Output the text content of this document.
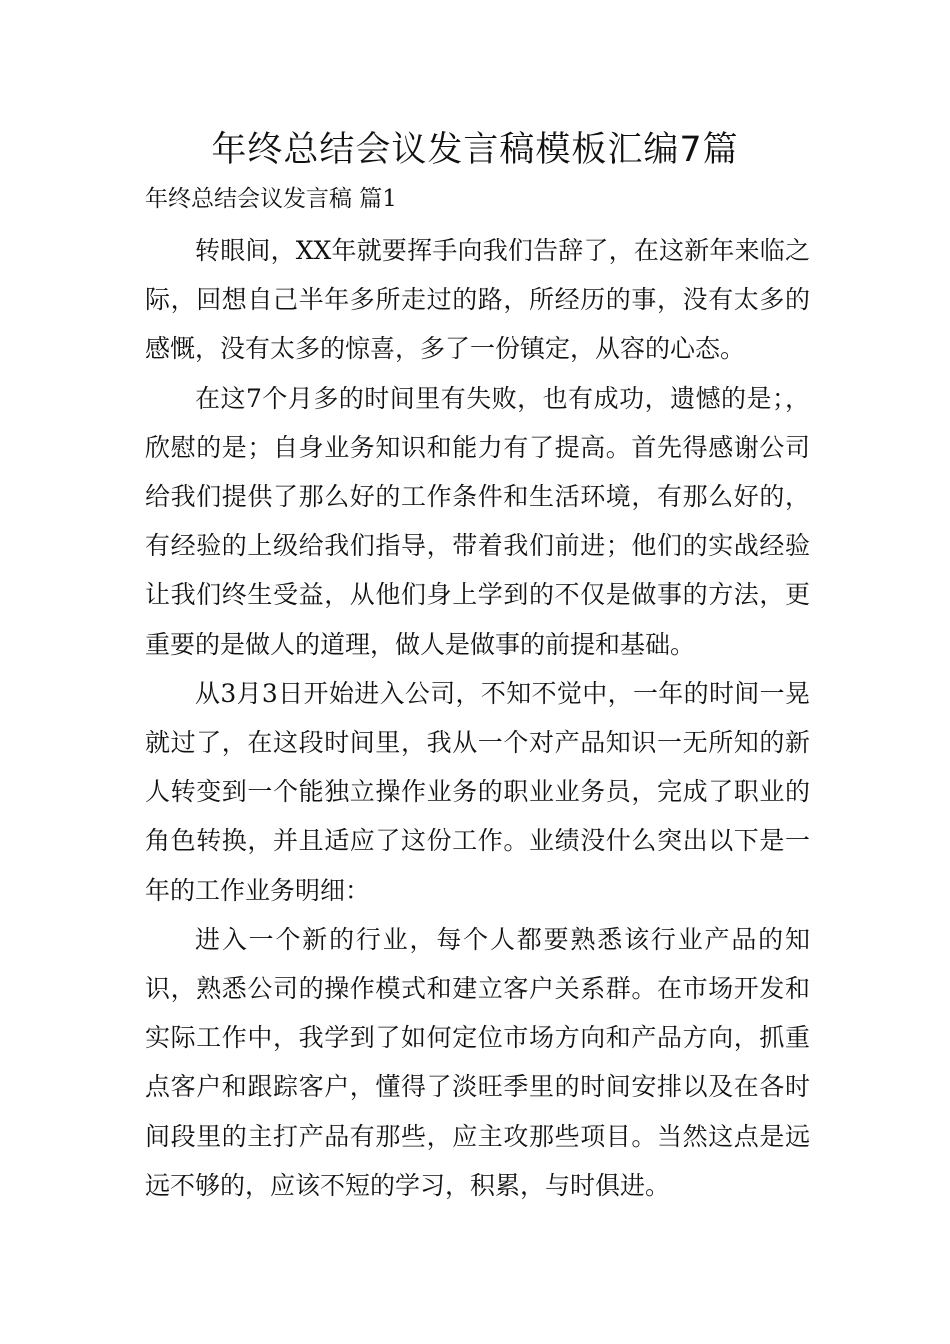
年终总结会议发言稿模板汇编7篇
年终总结会议发言稿 篇1

转眼间，XX年就要挥手向我们告辞了，在这新年来临之际，回想自己半年多所走过的路，所经历的事，没有太多的感慨，没有太多的惊喜，多了一份镇定，从容的心态。

在这7个月多的时间里有失败，也有成功，遗憾的是；，欣慰的是；自身业务知识和能力有了提高。首先得感谢公司给我们提供了那么好的工作条件和生活环境，有那么好的，有经验的上级给我们指导，带着我们前进；他们的实战经验让我们终生受益，从他们身上学到的不仅是做事的方法，更重要的是做人的道理，做人是做事的前提和基础。

从3月3日开始进入公司，不知不觉中，一年的时间一晃就过了，在这段时间里，我从一个对产品知识一无所知的新人转变到一个能独立操作业务的职业业务员，完成了职业的角色转换，并且适应了这份工作。业绩没什么突出以下是一年的工作业务明细：

进入一个新的行业，每个人都要熟悉该行业产品的知识，熟悉公司的操作模式和建立客户关系群。在市场开发和实际工作中，我学到了如何定位市场方向和产品方向，抓重点客户和跟踪客户，懂得了淡旺季里的时间安排以及在各时间段里的主打产品有那些，应主攻那些项目。当然这点是远远不够的，应该不短的学习，积累，与时俱进。
